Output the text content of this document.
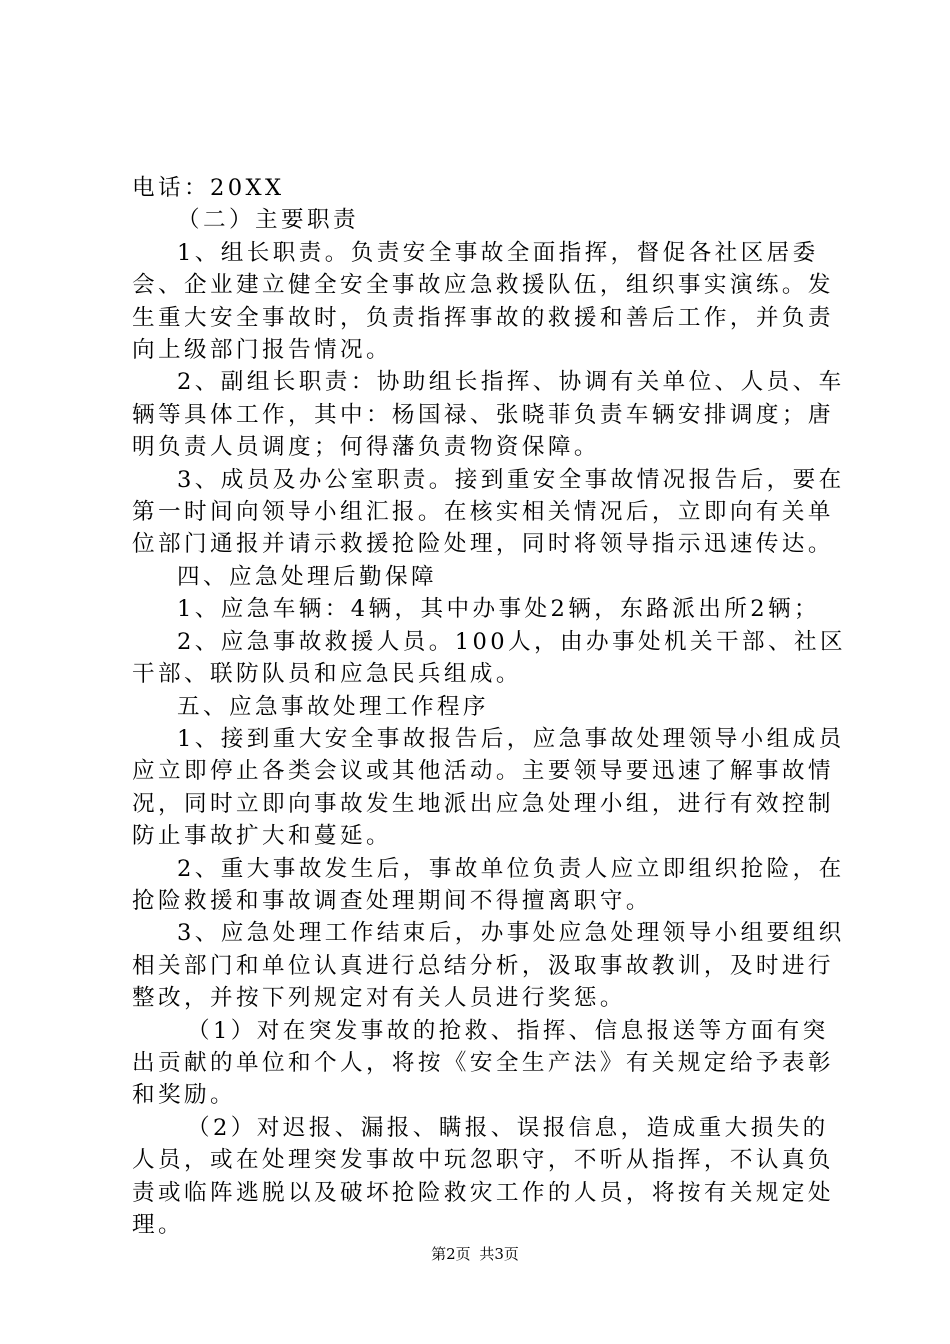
电话：20XX

（二）主要职责

1、组长职责。负责安全事故全面指挥，督促各社区居委会、企业建立健全安全事故应急救援队伍，组织事实演练。发生重大安全事故时，负责指挥事故的救援和善后工作，并负责向上级部门报告情况。

2、副组长职责：协助组长指挥、协调有关单位、人员、车辆等具体工作，其中：杨国禄、张晓菲负责车辆安排调度；唐明负责人员调度；何得藩负责物资保障。

3、成员及办公室职责。接到重安全事故情况报告后，要在第一时间向领导小组汇报。在核实相关情况后，立即向有关单位部门通报并请示救援抢险处理，同时将领导指示迅速传达。

四、应急处理后勤保障

1、应急车辆：4辆，其中办事处2辆，东路派出所2辆；

2、应急事故救援人员。100人，由办事处机关干部、社区干部、联防队员和应急民兵组成。

五、应急事故处理工作程序

1、接到重大安全事故报告后，应急事故处理领导小组成员应立即停止各类会议或其他活动。主要领导要迅速了解事故情况，同时立即向事故发生地派出应急处理小组，进行有效控制防止事故扩大和蔓延。

2、重大事故发生后，事故单位负责人应立即组织抢险，在抢险救援和事故调查处理期间不得擅离职守。

3、应急处理工作结束后，办事处应急处理领导小组要组织相关部门和单位认真进行总结分析，汲取事故教训，及时进行整改，并按下列规定对有关人员进行奖惩。

（1）对在突发事故的抢救、指挥、信息报送等方面有突出贡献的单位和个人，将按《安全生产法》有关规定给予表彰和奖励。

（2）对迟报、漏报、瞒报、误报信息，造成重大损失的人员，或在处理突发事故中玩忽职守，不听从指挥，不认真负责或临阵逃脱以及破坏抢险救灾工作的人员，将按有关规定处理。

第2页 共3页
